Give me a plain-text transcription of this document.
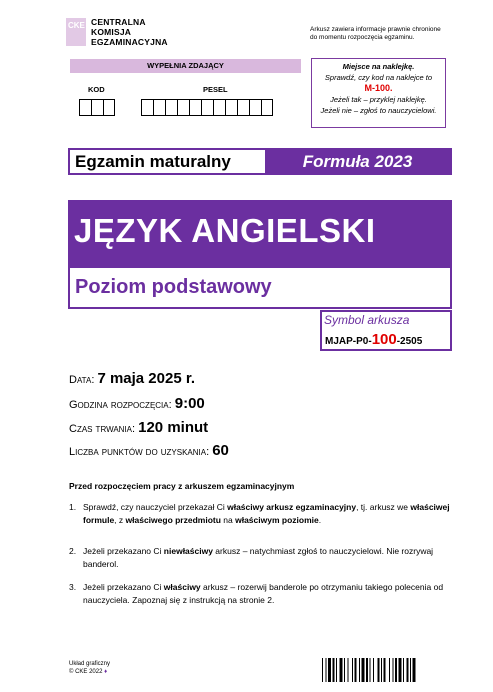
CKE CENTRALNA
KOMISJA
EGZAMINACYJNA
Arkusz zawiera informacje prawnie chronione
do momentu rozpoczęcia egzaminu.
WYPEŁNIA ZDAJĄCY
KOD	PESEL
Miejsce na naklejkę.
Sprawdź, czy kod na naklejce to
M-100.
Jeżeli tak – przyklej naklejkę.
Jeżeli nie – zgłoś to nauczycielowi.
Egzamin maturalny	Formuła 2023
JĘZYK ANGIELSKI
Poziom podstawowy
Symbol arkusza
MJAP-P0-100-2505
Data: 7 maja 2025 r.
Godzina rozpoczęcia: 9:00
Czas trwania: 120 minut
Liczba punktów do uzyskania: 60
Przed rozpoczęciem pracy z arkuszem egzaminacyjnym
1. Sprawdź, czy nauczyciel przekazał Ci właściwy arkusz egzaminacyjny, tj. arkusz we właściwej formule, z właściwego przedmiotu na właściwym poziomie.
2. Jeżeli przekazano Ci niewłaściwy arkusz – natychmiast zgłoś to nauczycielowi. Nie rozrywaj banderol.
3. Jeżeli przekazano Ci właściwy arkusz – rozerwij banderole po otrzymaniu takiego polecenia od nauczyciela. Zapoznaj się z instrukcją na stronie 2.
Układ graficzny
© CKE 2022 ♦
